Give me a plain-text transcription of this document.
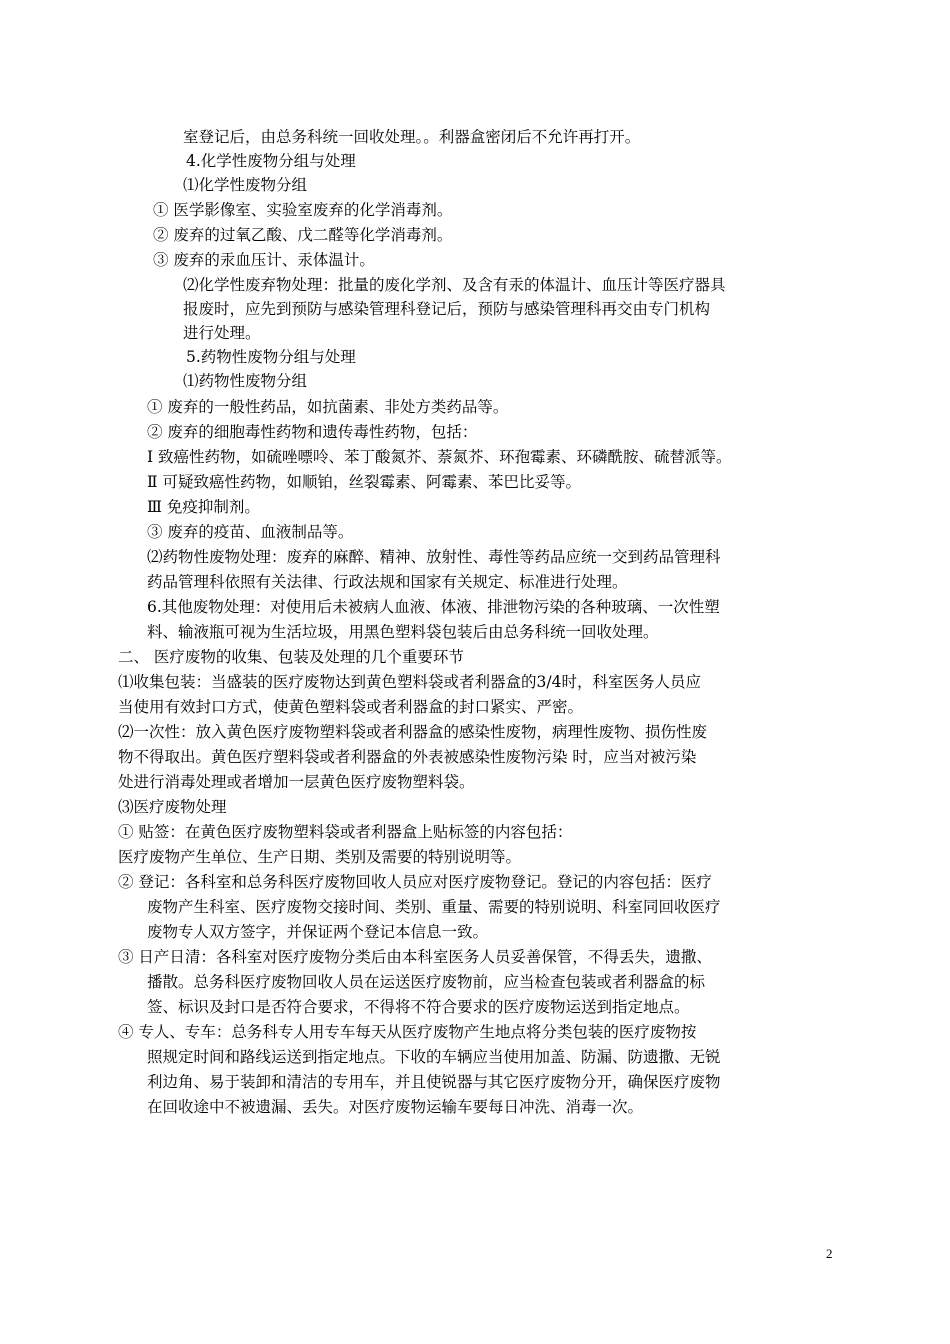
室登记后，由总务科统一回收处理。。利器盒密闭后不允许再打开。
4.化学性废物分组与处理
⑴化学性废物分组
① 医学影像室、实验室废弃的化学消毒剂。
② 废弃的过氧乙酸、戊二醛等化学消毒剂。
③ 废弃的汞血压计、汞体温计。
⑵化学性废弃物处理：批量的废化学剂、及含有汞的体温计、血压计等医疗器具
报废时，应先到预防与感染管理科登记后，预防与感染管理科再交由专门机构
进行处理。
5.药物性废物分组与处理
⑴药物性废物分组
① 废弃的一般性药品，如抗菌素、非处方类药品等。
② 废弃的细胞毒性药物和遗传毒性药物，包括：
Ⅰ 致癌性药物，如硫唑嘌呤、苯丁酸氮芥、萘氮芥、环孢霉素、环磷酰胺、硫替派等。
Ⅱ 可疑致癌性药物，如顺铂，丝裂霉素、阿霉素、苯巴比妥等。
Ⅲ 免疫抑制剂。
③ 废弃的疫苗、血液制品等。
⑵药物性废物处理：废弃的麻醉、精神、放射性、毒性等药品应统一交到药品管理科
药品管理科依照有关法律、行政法规和国家有关规定、标准进行处理。
6.其他废物处理：对使用后未被病人血液、体液、排泄物污染的各种玻璃、一次性塑
料、输液瓶可视为生活垃圾，用黑色塑料袋包装后由总务科统一回收处理。
二、 医疗废物的收集、包装及处理的几个重要环节
⑴收集包装：当盛装的医疗废物达到黄色塑料袋或者利器盒的3/4时，科室医务人员应
当使用有效封口方式，使黄色塑料袋或者利器盒的封口紧实、严密。
⑵一次性：放入黄色医疗废物塑料袋或者利器盒的感染性废物，病理性废物、损伤性废
物不得取出。黄色医疗塑料袋或者利器盒的外表被感染性废物污染 时，应当对被污染
处进行消毒处理或者增加一层黄色医疗废物塑料袋。
⑶医疗废物处理
① 贴签：在黄色医疗废物塑料袋或者利器盒上贴标签的内容包括：
医疗废物产生单位、生产日期、类别及需要的特别说明等。
② 登记：各科室和总务科医疗废物回收人员应对医疗废物登记。登记的内容包括：医疗
废物产生科室、医疗废物交接时间、类别、重量、需要的特别说明、科室同回收医疗
废物专人双方签字，并保证两个登记本信息一致。
③ 日产日清：各科室对医疗废物分类后由本科室医务人员妥善保管，不得丢失，遗撒、
播散。总务科医疗废物回收人员在运送医疗废物前，应当检查包装或者利器盒的标
签、标识及封口是否符合要求，不得将不符合要求的医疗废物运送到指定地点。
④ 专人、专车：总务科专人用专车每天从医疗废物产生地点将分类包装的医疗废物按
照规定时间和路线运送到指定地点。下收的车辆应当使用加盖、防漏、防遗撒、无锐
利边角、易于装卸和清洁的专用车，并且使锐器与其它医疗废物分开，确保医疗废物
在回收途中不被遗漏、丢失。对医疗废物运输车要每日冲洗、消毒一次。
2
